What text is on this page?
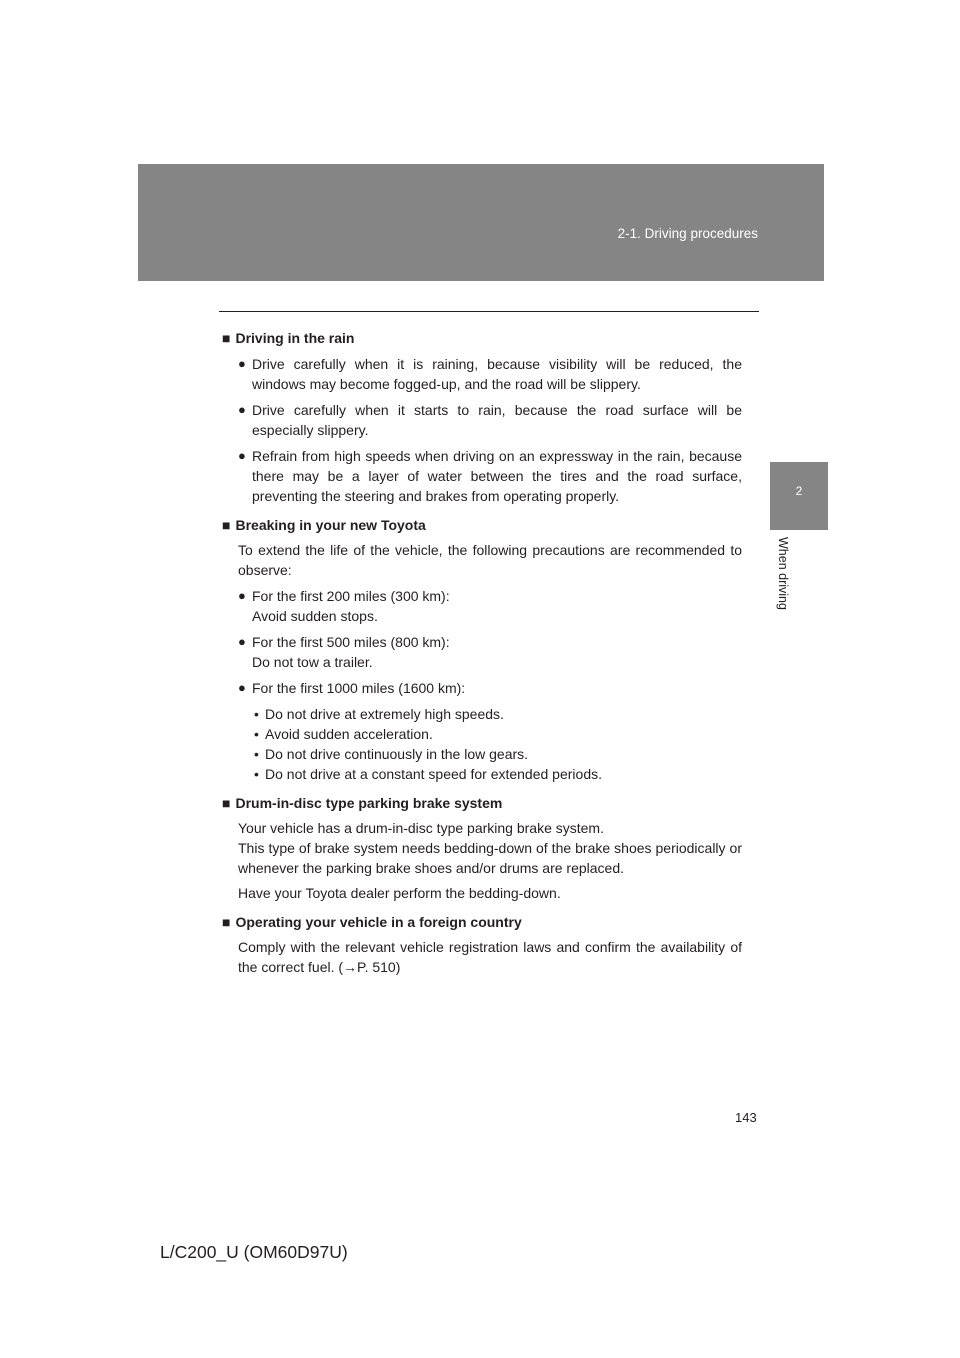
2-1. Driving procedures
2
When driving
■ Driving in the rain
● Drive carefully when it is raining, because visibility will be reduced, the windows may become fogged-up, and the road will be slippery.
● Drive carefully when it starts to rain, because the road surface will be especially slippery.
● Refrain from high speeds when driving on an expressway in the rain, because there may be a layer of water between the tires and the road surface, preventing the steering and brakes from operating properly.
■ Breaking in your new Toyota
To extend the life of the vehicle, the following precautions are recommended to observe:
● For the first 200 miles (300 km):
Avoid sudden stops.
● For the first 500 miles (800 km):
Do not tow a trailer.
● For the first 1000 miles (1600 km):
• Do not drive at extremely high speeds.
• Avoid sudden acceleration.
• Do not drive continuously in the low gears.
• Do not drive at a constant speed for extended periods.
■ Drum-in-disc type parking brake system
Your vehicle has a drum-in-disc type parking brake system.
This type of brake system needs bedding-down of the brake shoes periodically or whenever the parking brake shoes and/or drums are replaced.
Have your Toyota dealer perform the bedding-down.
■ Operating your vehicle in a foreign country
Comply with the relevant vehicle registration laws and confirm the availability of the correct fuel. (→P. 510)
143
L/C200_U (OM60D97U)
